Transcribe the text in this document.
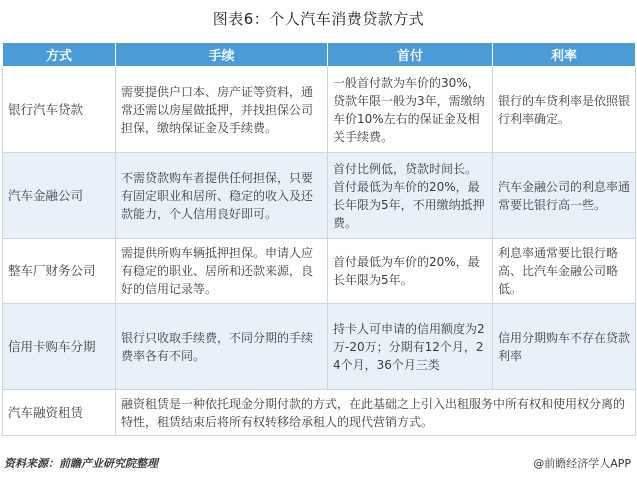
图表6：个人汽车消费贷款方式
方式	手续	首付	利率
银行汽车贷款	需要提供户口本、房产证等资料，通常还需以房屋做抵押，并找担保公司担保，缴纳保证金及手续费。	一般首付款为车价的30%，贷款年限一般为3年，需缴纳车价10%左右的保证金及相关手续费。	银行的车贷利率是依照银行利率确定。
汽车金融公司	不需贷款购车者提供任何担保，只要有固定职业和居所、稳定的收入及还款能力，个人信用良好即可。	首付比例低，贷款时间长。首付最低为车价的20%，最长年限为5年，不用缴纳抵押费。	汽车金融公司的利息率通常要比银行高一些。
整车厂财务公司	需提供所购车辆抵押担保。申请人应有稳定的职业、居所和还款来源，良好的信用记录等。	首付最低为车价的20%，最长年限为5年。	利息率通常要比银行略高、比汽车金融公司略低。
信用卡购车分期	银行只收取手续费，不同分期的手续费率各有不同。	持卡人可申请的信用额度为2万-20万；分期有12个月，24个月，36个月三类	信用分期购车不存在贷款利率
汽车融资租赁	融资租赁是一种依托现金分期付款的方式，在此基础之上引入出租服务中所有权和使用权分离的特性，租赁结束后将所有权转移给承租人的现代营销方式。		
资料来源：前瞻产业研究院整理	@前瞻经济学人APP
